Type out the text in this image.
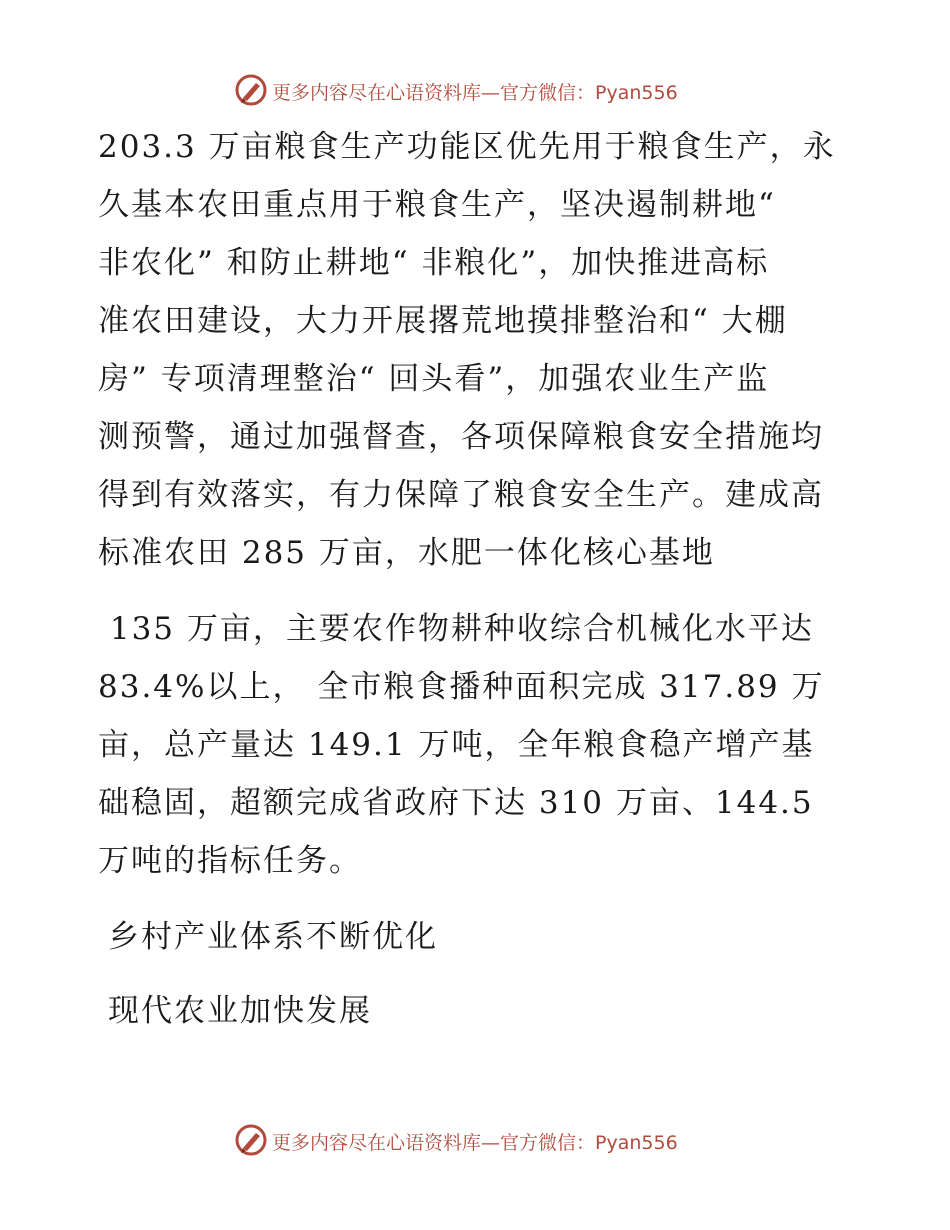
更多内容尽在心语资料库—官方微信：Pyan556
203.3 万亩粮食生产功能区优先用于粮食生产，永
久基本农田重点用于粮食生产，坚决遏制耕地“
非农化” 和防止耕地“ 非粮化”，加快推进高标
准农田建设，大力开展撂荒地摸排整治和“ 大棚
房” 专项清理整治“ 回头看”，加强农业生产监
测预警，通过加强督查，各项保障粮食安全措施均
得到有效落实，有力保障了粮食安全生产。建成高
标准农田 285 万亩，水肥一体化核心基地
135 万亩，主要农作物耕种收综合机械化水平达
83.4%以上， 全市粮食播种面积完成 317.89 万
亩，总产量达 149.1 万吨，全年粮食稳产增产基
础稳固，超额完成省政府下达 310 万亩、144.5
万吨的指标任务。
乡村产业体系不断优化
现代农业加快发展
更多内容尽在心语资料库—官方微信：Pyan556
